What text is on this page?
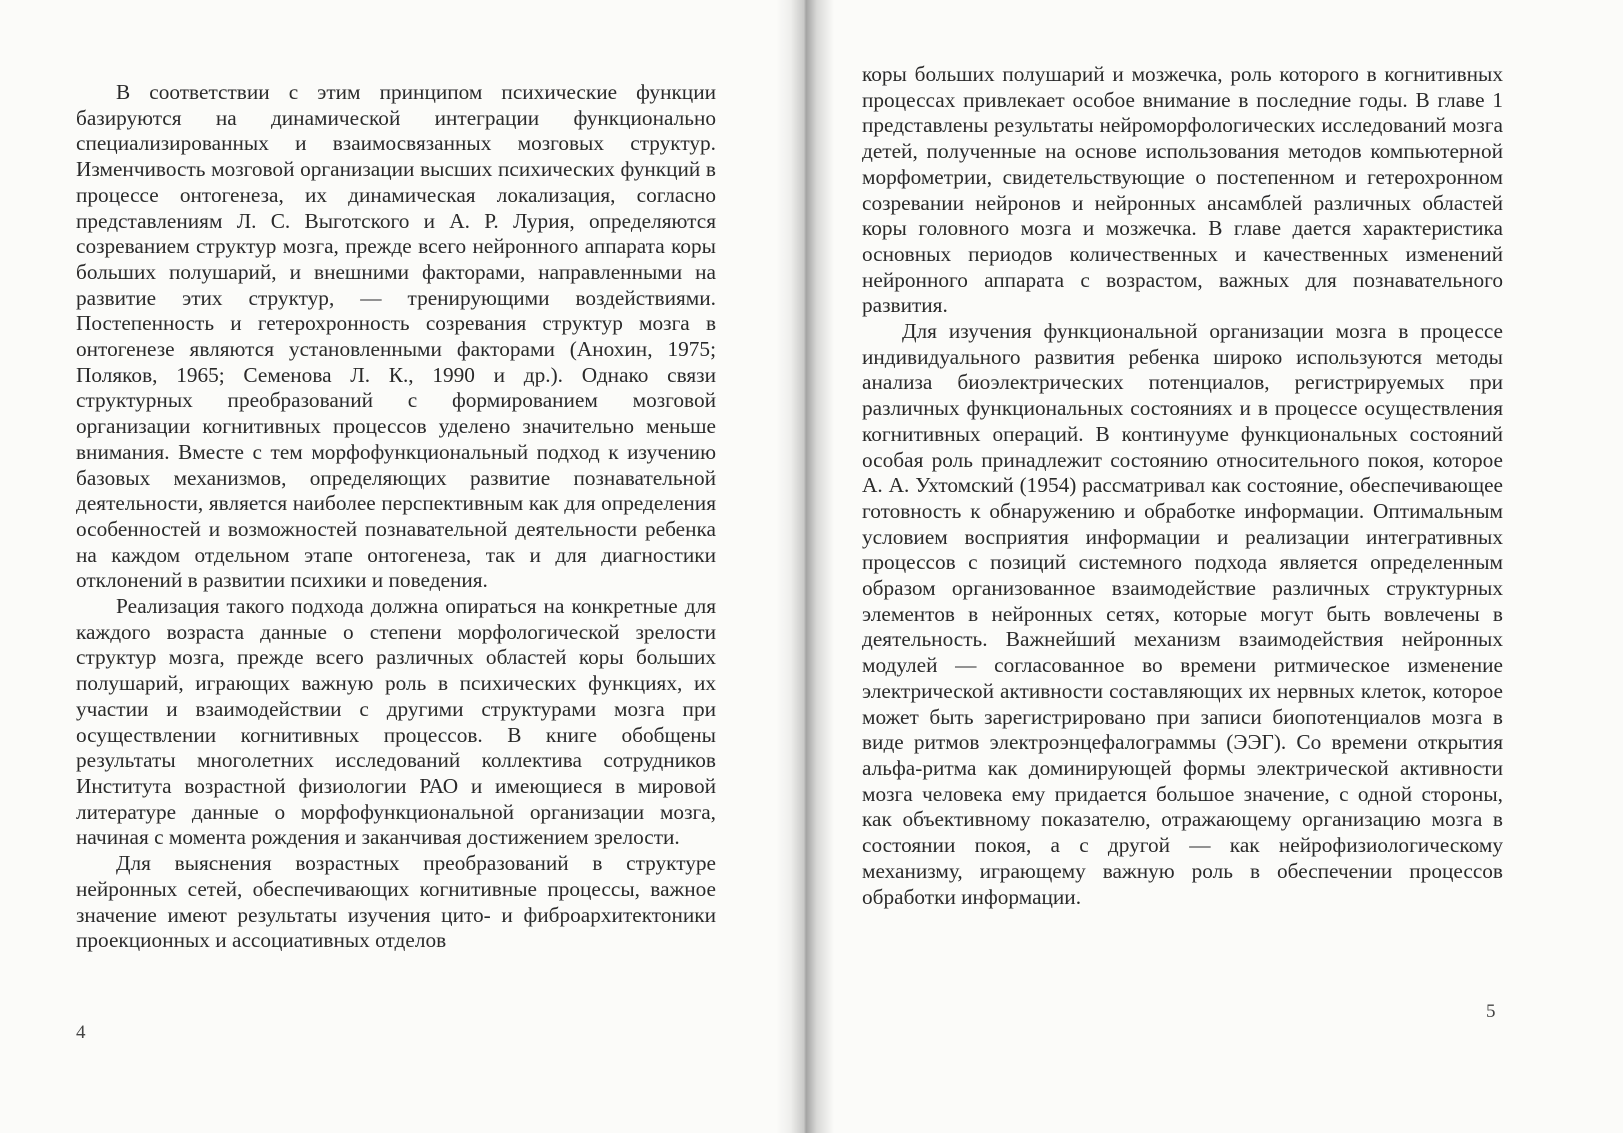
В соответствии с этим принципом психические функции базируются на динамической интеграции функционально специализированных и взаимосвязанных мозговых структур. Изменчивость мозговой организации высших психических функций в процессе онтогенеза, их динамическая локализация, согласно представлениям Л. С. Выготского и А. Р. Лурия, определяются созреванием структур мозга, прежде всего нейронного аппарата коры больших полушарий, и внешними факторами, направленными на развитие этих структур, — тренирующими воздействиями. Постепенность и гетерохронность созревания структур мозга в онтогенезе являются установленными факторами (Анохин, 1975; Поляков, 1965; Семенова Л. К., 1990 и др.). Однако связи структурных преобразований с формированием мозговой организации когнитивных процессов уделено значительно меньше внимания. Вместе с тем морфофункциональный подход к изучению базовых механизмов, определяющих развитие познавательной деятельности, является наиболее перспективным как для определения особенностей и возможностей познавательной деятельности ребенка на каждом отдельном этапе онтогенеза, так и для диагностики отклонений в развитии психики и поведения.

Реализация такого подхода должна опираться на конкретные для каждого возраста данные о степени морфологической зрелости структур мозга, прежде всего различных областей коры больших полушарий, играющих важную роль в психических функциях, их участии и взаимодействии с другими структурами мозга при осуществлении когнитивных процессов. В книге обобщены результаты многолетних исследований коллектива сотрудников Института возрастной физиологии РАО и имеющиеся в мировой литературе данные о морфофункциональной организации мозга, начиная с момента рождения и заканчивая достижением зрелости.

Для выяснения возрастных преобразований в структуре нейронных сетей, обеспечивающих когнитивные процессы, важное значение имеют результаты изучения цито- и фиброархитектоники проекционных и ассоциативных отделов

4

коры больших полушарий и мозжечка, роль которого в когнитивных процессах привлекает особое внимание в последние годы. В главе 1 представлены результаты нейроморфологических исследований мозга детей, полученные на основе использования методов компьютерной морфометрии, свидетельствующие о постепенном и гетерохронном созревании нейронов и нейронных ансамблей различных областей коры головного мозга и мозжечка. В главе дается характеристика основных периодов количественных и качественных изменений нейронного аппарата с возрастом, важных для познавательного развития.

Для изучения функциональной организации мозга в процессе индивидуального развития ребенка широко используются методы анализа биоэлектрических потенциалов, регистрируемых при различных функциональных состояниях и в процессе осуществления когнитивных операций. В континууме функциональных состояний особая роль принадлежит состоянию относительного покоя, которое А. А. Ухтомский (1954) рассматривал как состояние, обеспечивающее готовность к обнаружению и обработке информации. Оптимальным условием восприятия информации и реализации интегративных процессов с позиций системного подхода является определенным образом организованное взаимодействие различных структурных элементов в нейронных сетях, которые могут быть вовлечены в деятельность. Важнейший механизм взаимодействия нейронных модулей — согласованное во времени ритмическое изменение электрической активности составляющих их нервных клеток, которое может быть зарегистрировано при записи биопотенциалов мозга в виде ритмов электроэнцефалограммы (ЭЭГ). Со времени открытия альфа-ритма как доминирующей формы электрической активности мозга человека ему придается большое значение, с одной стороны, как объективному показателю, отражающему организацию мозга в состоянии покоя, а с другой — как нейрофизиологическому механизму, играющему важную роль в обеспечении процессов обработки информации.

5
